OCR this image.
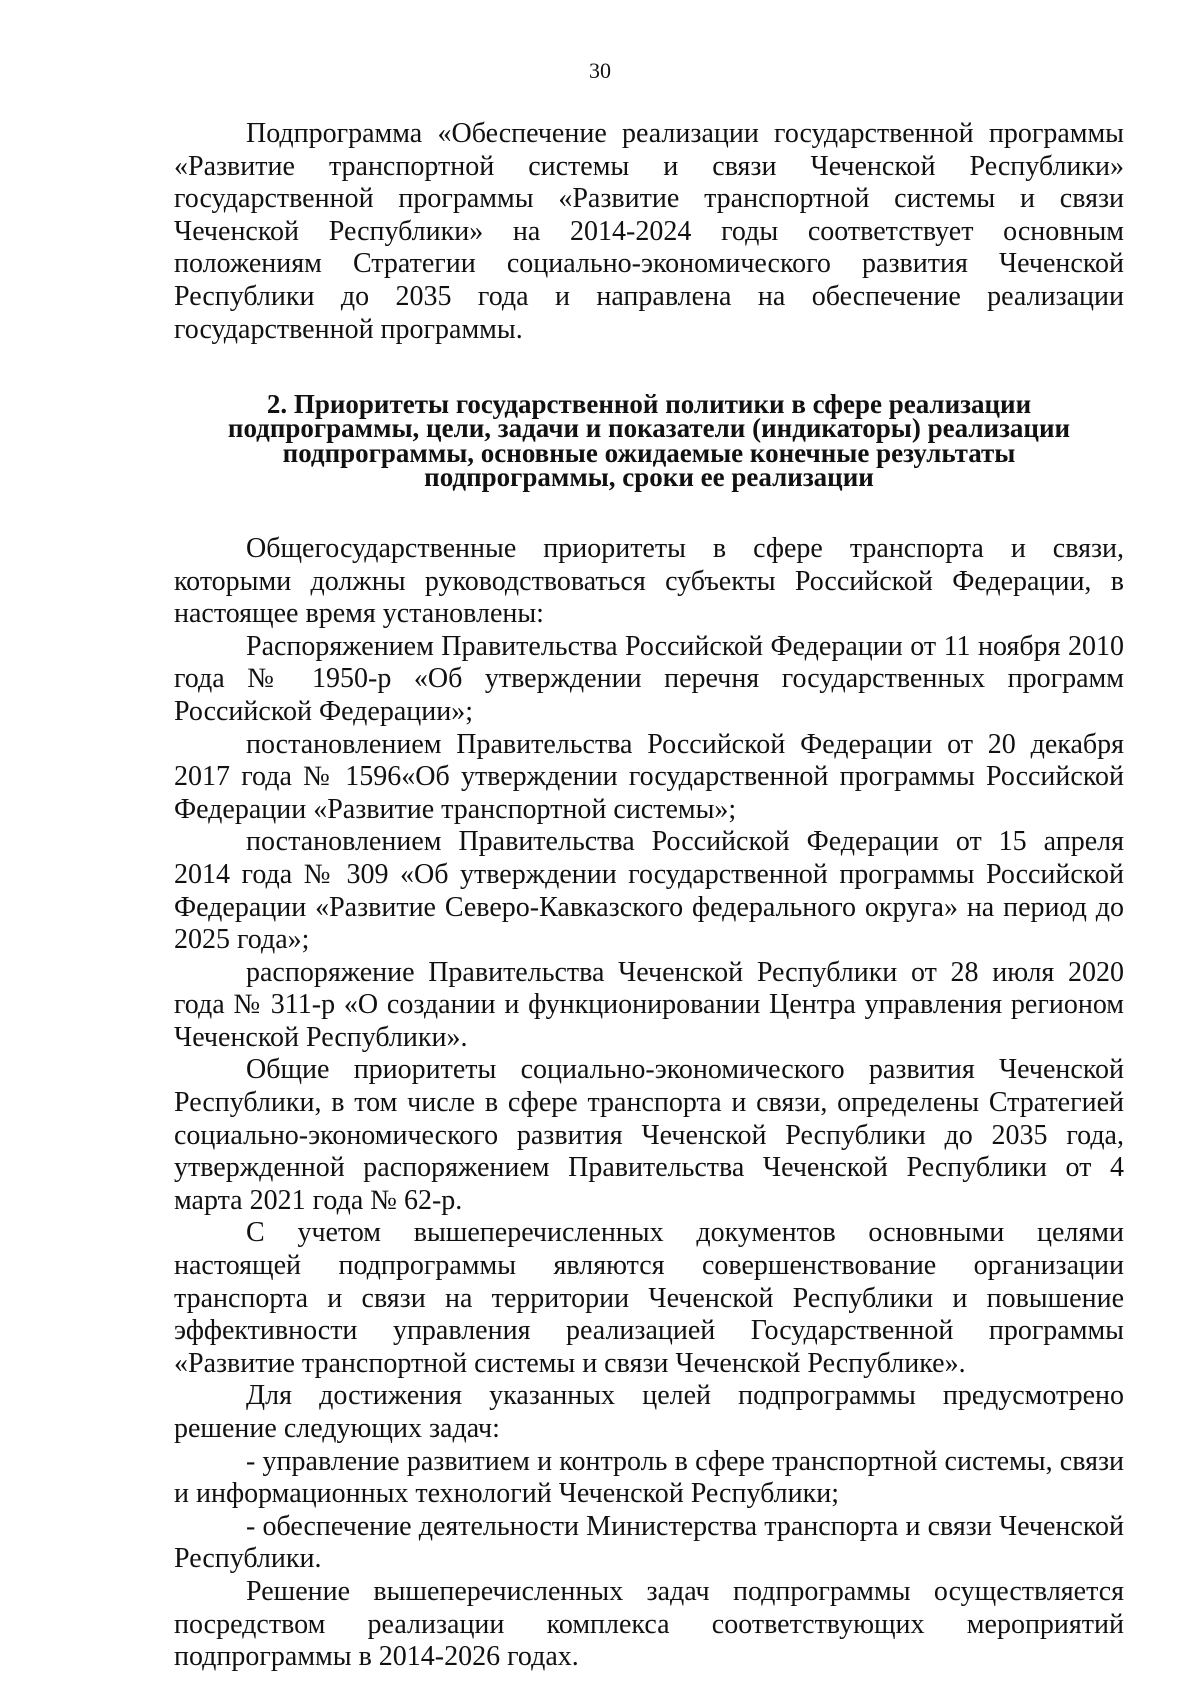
30

Подпрограмма «Обеспечение реализации государственной программы «Развитие транспортной системы и связи Чеченской Республики» государственной программы «Развитие транспортной системы и связи Чеченской Республики» на 2014-2024 годы соответствует основным положениям Стратегии социально-экономического развития Чеченской Республики до 2035 года и направлена на обеспечение реализации государственной программы.

2. Приоритеты государственной политики в сфере реализации
подпрограммы, цели, задачи и показатели (индикаторы) реализации
подпрограммы, основные ожидаемые конечные результаты
подпрограммы, сроки ее реализации

Общегосударственные приоритеты в сфере транспорта и связи, которыми должны руководствоваться субъекты Российской Федерации, в настоящее время установлены:

Распоряжением Правительства Российской Федерации от 11 ноября 2010 года № 1950-р «Об утверждении перечня государственных программ Российской Федерации»;

постановлением Правительства Российской Федерации от 20 декабря 2017 года № 1596«Об утверждении государственной программы Российской Федерации «Развитие транспортной системы»;

постановлением Правительства Российской Федерации от 15 апреля 2014 года № 309 «Об утверждении государственной программы Российской Федерации «Развитие Северо-Кавказского федерального округа» на период до 2025 года»;

распоряжение Правительства Чеченской Республики от 28 июля 2020 года № 311-р «О создании и функционировании Центра управления регионом Чеченской Республики».

Общие приоритеты социально-экономического развития Чеченской Республики, в том числе в сфере транспорта и связи, определены Стратегией социально-экономического развития Чеченской Республики до 2035 года, утвержденной распоряжением Правительства Чеченской Республики от 4 марта 2021 года № 62-р.

С учетом вышеперечисленных документов основными целями настоящей подпрограммы являются совершенствование организации транспорта и связи на территории Чеченской Республики и повышение эффективности управления реализацией Государственной программы «Развитие транспортной системы и связи Чеченской Республике».

Для достижения указанных целей подпрограммы предусмотрено решение следующих задач:

- управление развитием и контроль в сфере транспортной системы, связи и информационных технологий Чеченской Республики;

- обеспечение деятельности Министерства транспорта и связи Чеченской Республики.

Решение вышеперечисленных задач подпрограммы осуществляется посредством реализации комплекса соответствующих мероприятий подпрограммы в 2014-2026 годах.
